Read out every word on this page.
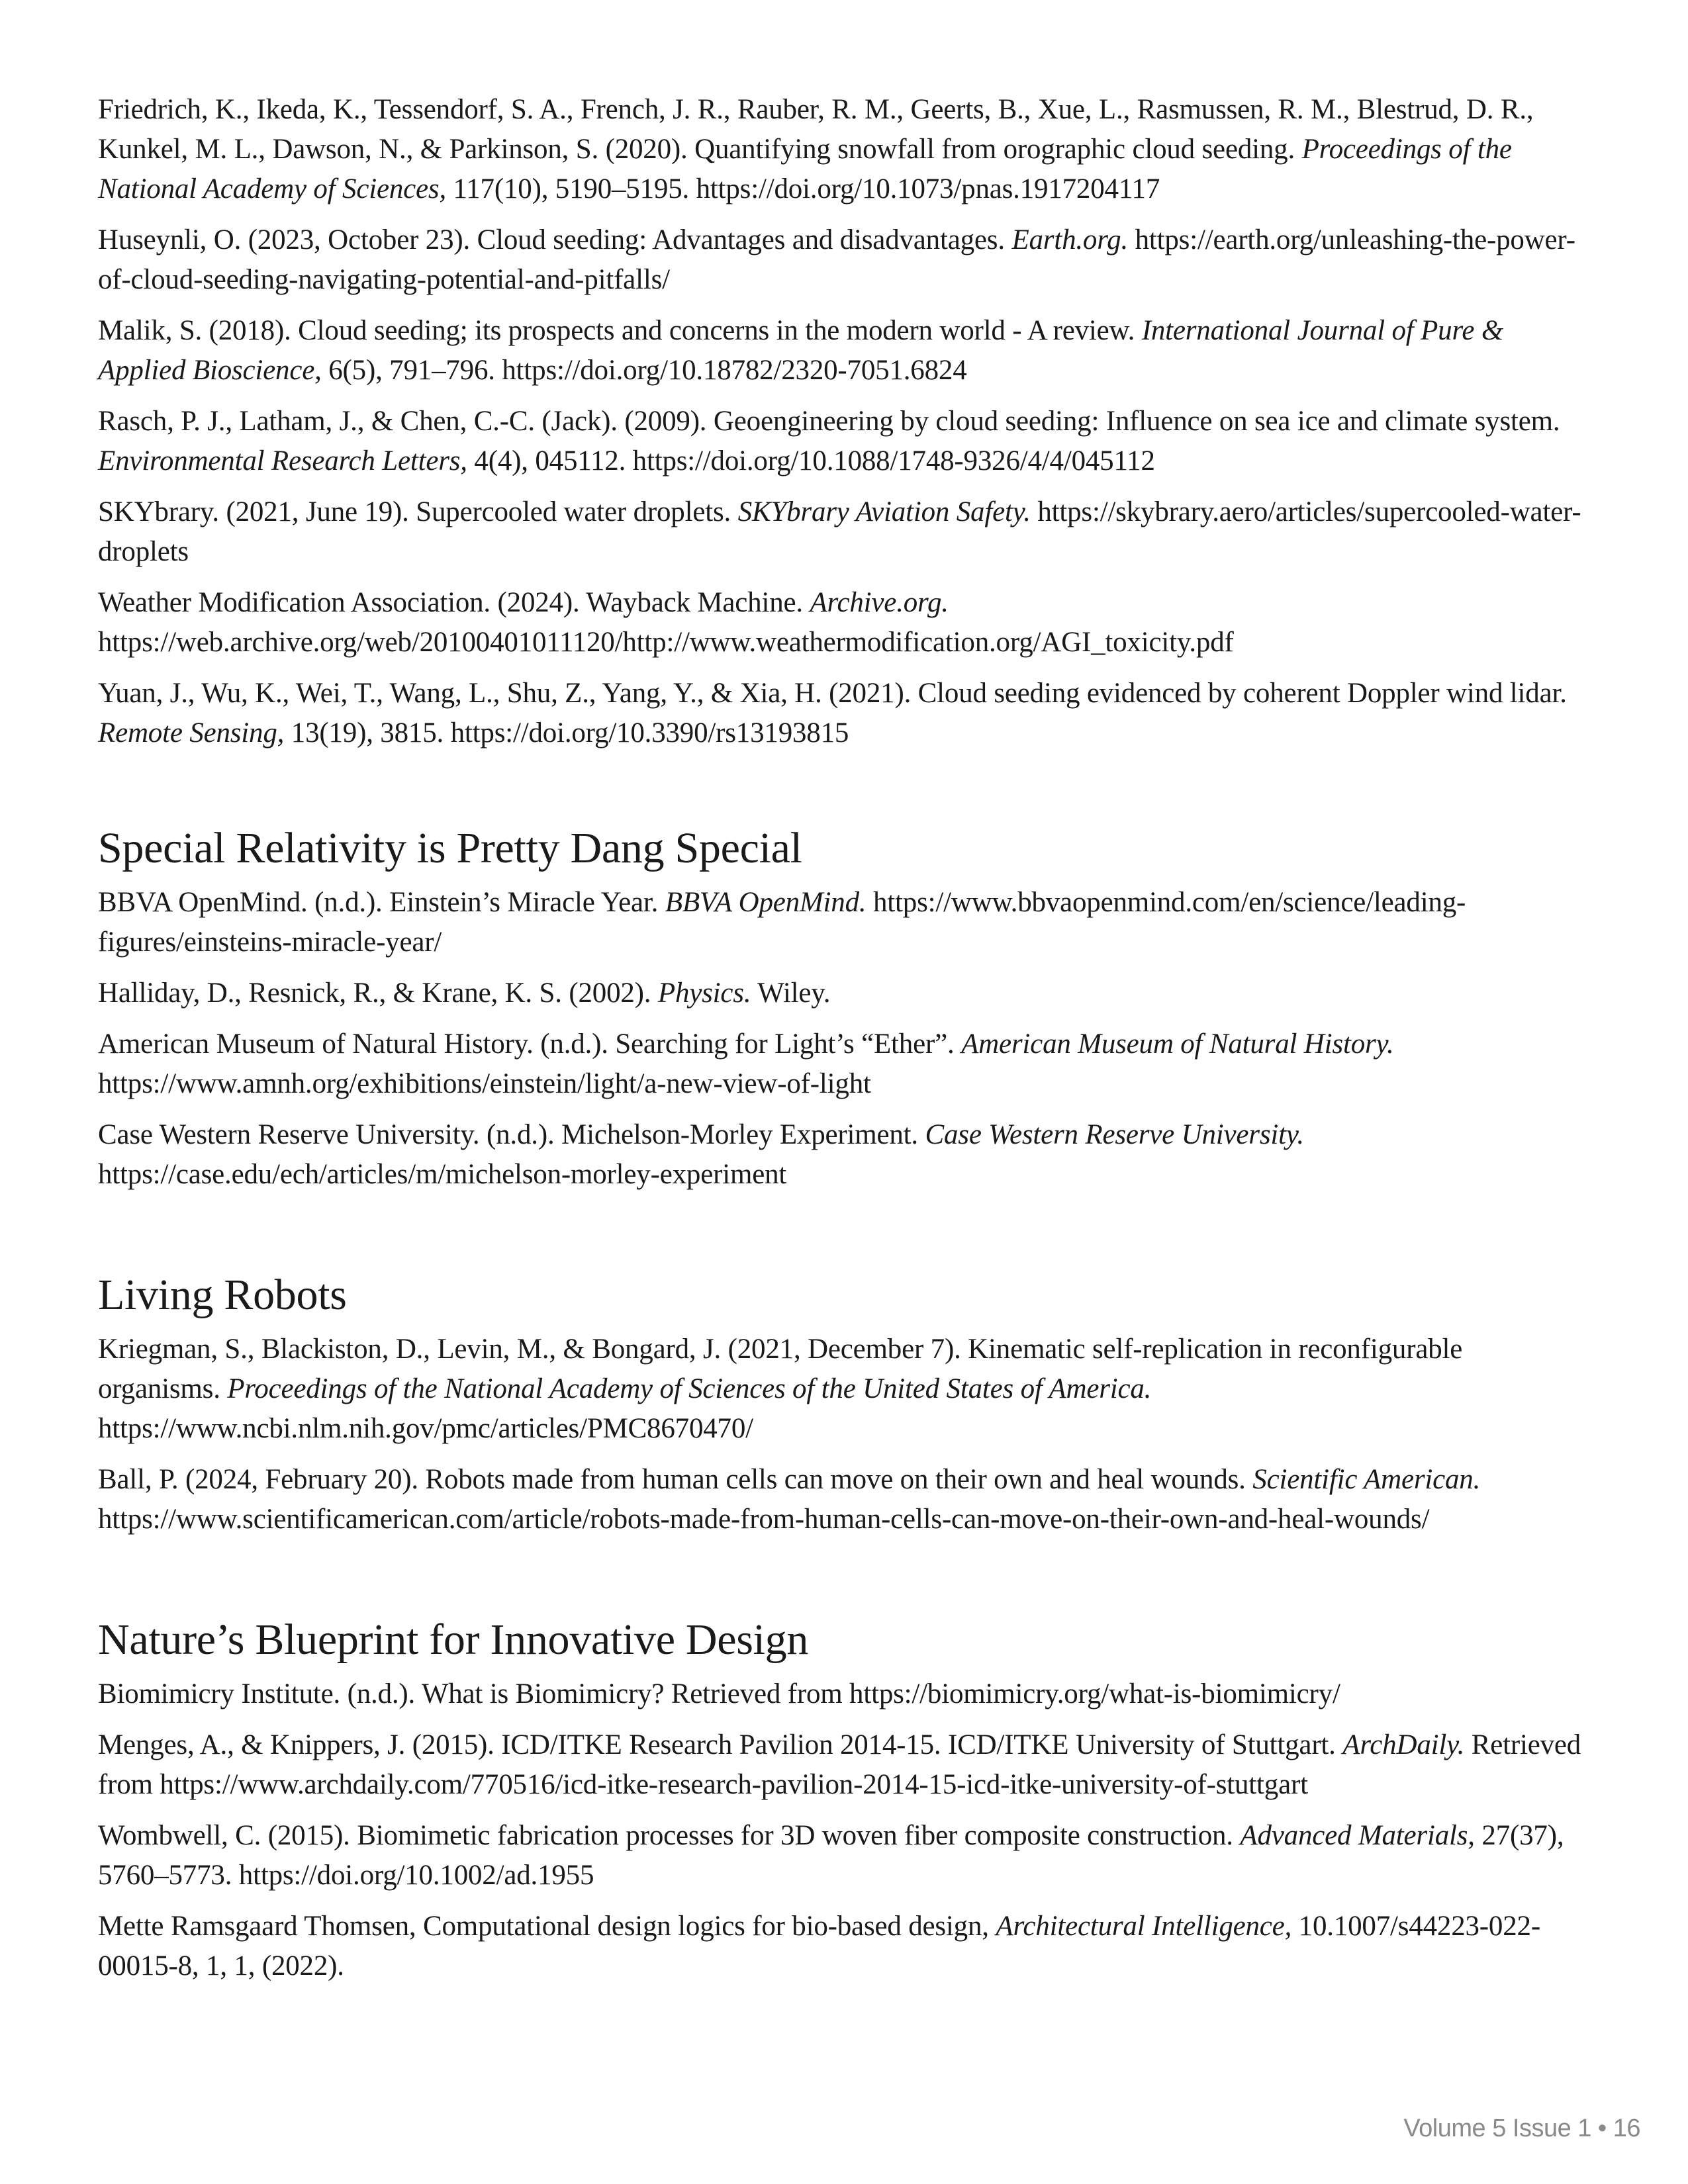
Friedrich, K., Ikeda, K., Tessendorf, S. A., French, J. R., Rauber, R. M., Geerts, B., Xue, L., Rasmussen, R. M., Blestrud, D. R., Kunkel, M. L., Dawson, N., & Parkinson, S. (2020). Quantifying snowfall from orographic cloud seeding. Proceedings of the National Academy of Sciences, 117(10), 5190–5195. https://doi.org/10.1073/pnas.1917204117

Huseynli, O. (2023, October 23). Cloud seeding: Advantages and disadvantages. Earth.org. https://earth.org/unleashing-the-power-of-cloud-seeding-navigating-potential-and-pitfalls/

Malik, S. (2018). Cloud seeding; its prospects and concerns in the modern world - A review. International Journal of Pure & Applied Bioscience, 6(5), 791–796. https://doi.org/10.18782/2320-7051.6824

Rasch, P. J., Latham, J., & Chen, C.-C. (Jack). (2009). Geoengineering by cloud seeding: Influence on sea ice and climate system. Environmental Research Letters, 4(4), 045112. https://doi.org/10.1088/1748-9326/4/4/045112

SKYbrary. (2021, June 19). Supercooled water droplets. SKYbrary Aviation Safety. https://skybrary.aero/articles/supercooled-water-droplets

Weather Modification Association. (2024). Wayback Machine. Archive.org. https://web.archive.org/web/20100401011120/http://www.weathermodification.org/AGI_toxicity.pdf

Yuan, J., Wu, K., Wei, T., Wang, L., Shu, Z., Yang, Y., & Xia, H. (2021). Cloud seeding evidenced by coherent Doppler wind lidar. Remote Sensing, 13(19), 3815. https://doi.org/10.3390/rs13193815

Special Relativity is Pretty Dang Special

BBVA OpenMind. (n.d.). Einstein’s Miracle Year. BBVA OpenMind. https://www.bbvaopenmind.com/en/science/leading-figures/einsteins-miracle-year/

Halliday, D., Resnick, R., & Krane, K. S. (2002). Physics. Wiley.

American Museum of Natural History. (n.d.). Searching for Light’s “Ether”. American Museum of Natural History. https://www.amnh.org/exhibitions/einstein/light/a-new-view-of-light

Case Western Reserve University. (n.d.). Michelson-Morley Experiment. Case Western Reserve University. https://case.edu/ech/articles/m/michelson-morley-experiment

Living Robots

Kriegman, S., Blackiston, D., Levin, M., & Bongard, J. (2021, December 7). Kinematic self-replication in reconfigurable organisms. Proceedings of the National Academy of Sciences of the United States of America. https://www.ncbi.nlm.nih.gov/pmc/articles/PMC8670470/

Ball, P. (2024, February 20). Robots made from human cells can move on their own and heal wounds. Scientific American. https://www.scientificamerican.com/article/robots-made-from-human-cells-can-move-on-their-own-and-heal-wounds/

Nature’s Blueprint for Innovative Design

Biomimicry Institute. (n.d.). What is Biomimicry? Retrieved from https://biomimicry.org/what-is-biomimicry/

Menges, A., & Knippers, J. (2015). ICD/ITKE Research Pavilion 2014-15. ICD/ITKE University of Stuttgart. ArchDaily. Retrieved from https://www.archdaily.com/770516/icd-itke-research-pavilion-2014-15-icd-itke-university-of-stuttgart

Wombwell, C. (2015). Biomimetic fabrication processes for 3D woven fiber composite construction. Advanced Materials, 27(37), 5760–5773. https://doi.org/10.1002/ad.1955

Mette Ramsgaard Thomsen, Computational design logics for bio-based design, Architectural Intelligence, 10.1007/s44223-022-00015-8, 1, 1, (2022).

Volume 5 Issue 1 • 16
